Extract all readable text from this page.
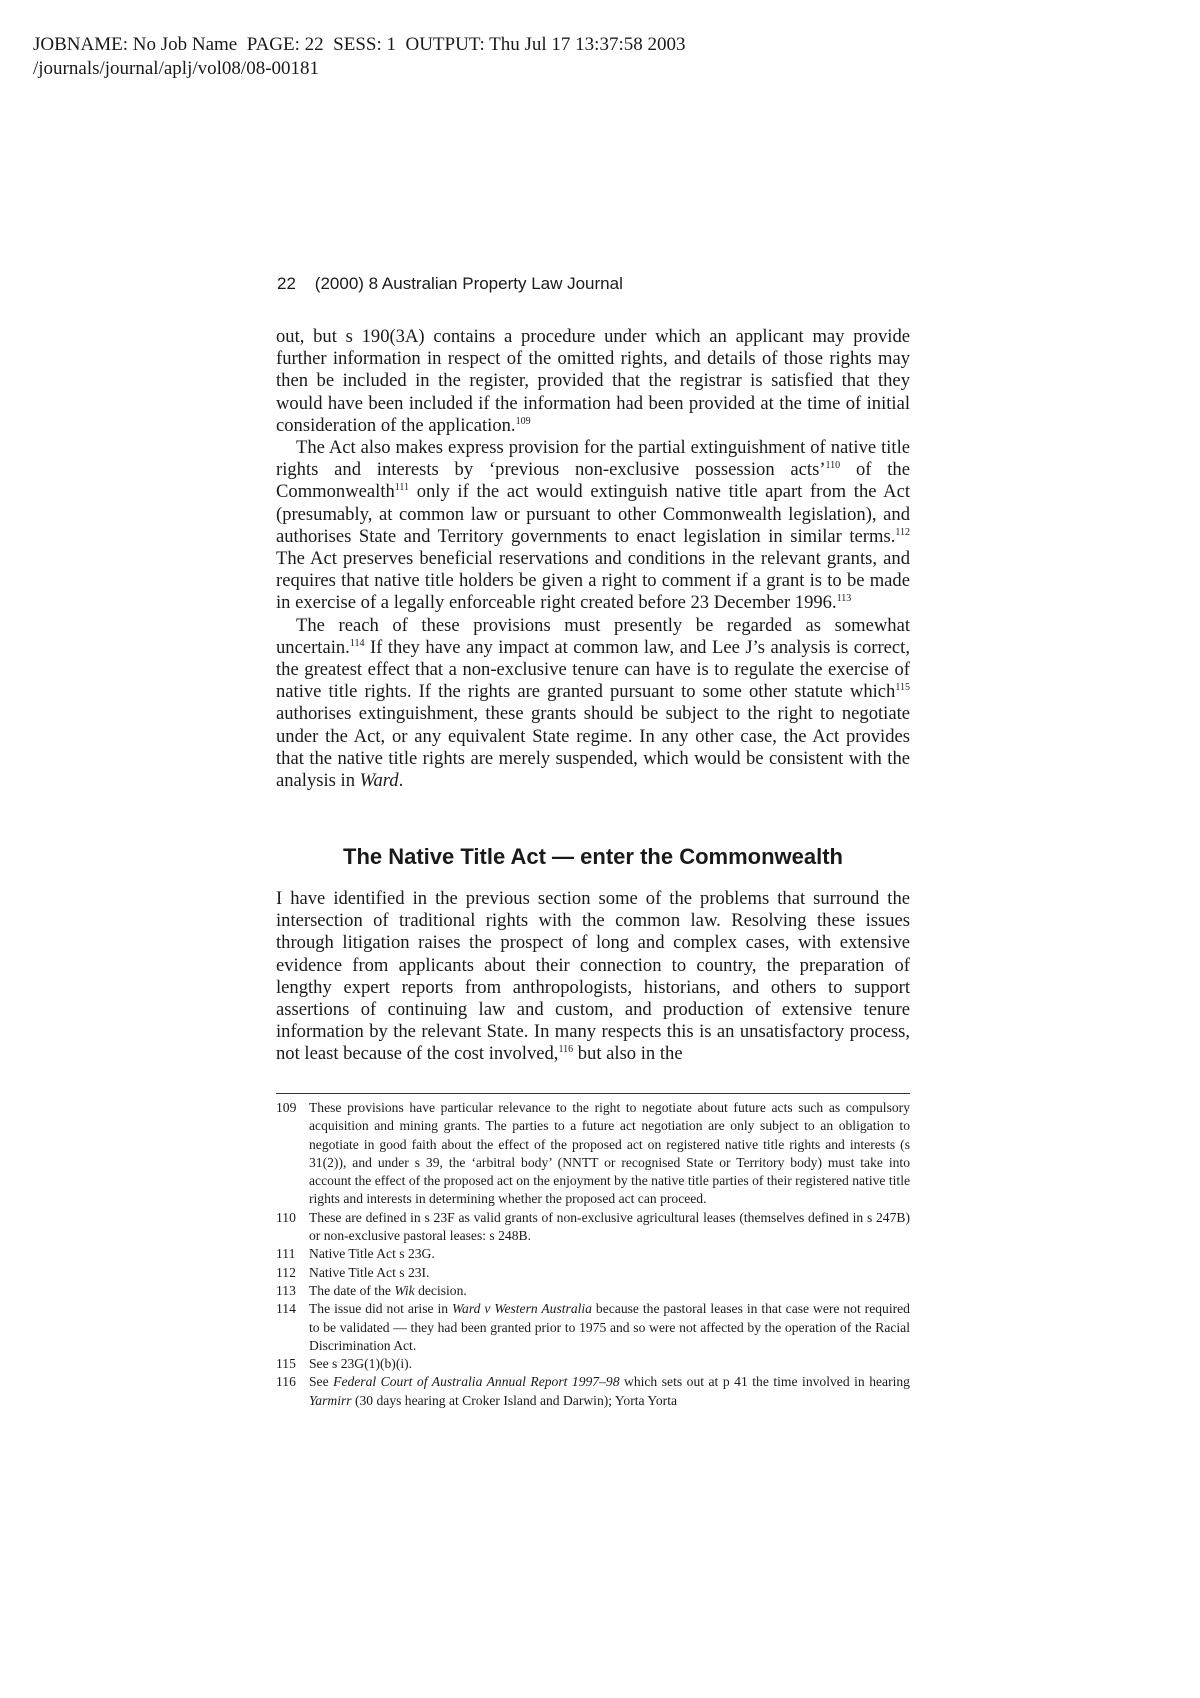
JOBNAME: No Job Name  PAGE: 22  SESS: 1  OUTPUT: Thu Jul 17 13:37:58 2003
/journals/journal/aplj/vol08/08-00181
22    (2000) 8 Australian Property Law Journal

out, but s 190(3A) contains a procedure under which an applicant may provide further information in respect of the omitted rights, and details of those rights may then be included in the register, provided that the registrar is satisfied that they would have been included if the information had been provided at the time of initial consideration of the application.$^{109}$

The Act also makes express provision for the partial extinguishment of native title rights and interests by ‘previous non-exclusive possession acts’$^{110}$ of the Commonwealth$^{111}$ only if the act would extinguish native title apart from the Act (presumably, at common law or pursuant to other Commonwealth legislation), and authorises State and Territory governments to enact legislation in similar terms.$^{112}$ The Act preserves beneficial reservations and conditions in the relevant grants, and requires that native title holders be given a right to comment if a grant is to be made in exercise of a legally enforceable right created before 23 December 1996.$^{113}$

The reach of these provisions must presently be regarded as somewhat uncertain.$^{114}$ If they have any impact at common law, and Lee J’s analysis is correct, the greatest effect that a non-exclusive tenure can have is to regulate the exercise of native title rights. If the rights are granted pursuant to some other statute which$^{115}$ authorises extinguishment, these grants should be subject to the right to negotiate under the Act, or any equivalent State regime. In any other case, the Act provides that the native title rights are merely suspended, which would be consistent with the analysis in Ward.

The Native Title Act — enter the Commonwealth

I have identified in the previous section some of the problems that surround the intersection of traditional rights with the common law. Resolving these issues through litigation raises the prospect of long and complex cases, with extensive evidence from applicants about their connection to country, the preparation of lengthy expert reports from anthropologists, historians, and others to support assertions of continuing law and custom, and production of extensive tenure information by the relevant State. In many respects this is an unsatisfactory process, not least because of the cost involved,$^{116}$ but also in the

109 These provisions have particular relevance to the right to negotiate about future acts such as compulsory acquisition and mining grants. The parties to a future act negotiation are only subject to an obligation to negotiate in good faith about the effect of the proposed act on registered native title rights and interests (s 31(2)), and under s 39, the ‘arbitral body’ (NNTT or recognised State or Territory body) must take into account the effect of the proposed act on the enjoyment by the native title parties of their registered native title rights and interests in determining whether the proposed act can proceed.
110 These are defined in s 23F as valid grants of non-exclusive agricultural leases (themselves defined in s 247B) or non-exclusive pastoral leases: s 248B.
111 Native Title Act s 23G.
112 Native Title Act s 23I.
113 The date of the Wik decision.
114 The issue did not arise in Ward v Western Australia because the pastoral leases in that case were not required to be validated — they had been granted prior to 1975 and so were not affected by the operation of the Racial Discrimination Act.
115 See s 23G(1)(b)(i).
116 See Federal Court of Australia Annual Report 1997–98 which sets out at p 41 the time involved in hearing Yarmirr (30 days hearing at Croker Island and Darwin); Yorta Yorta
